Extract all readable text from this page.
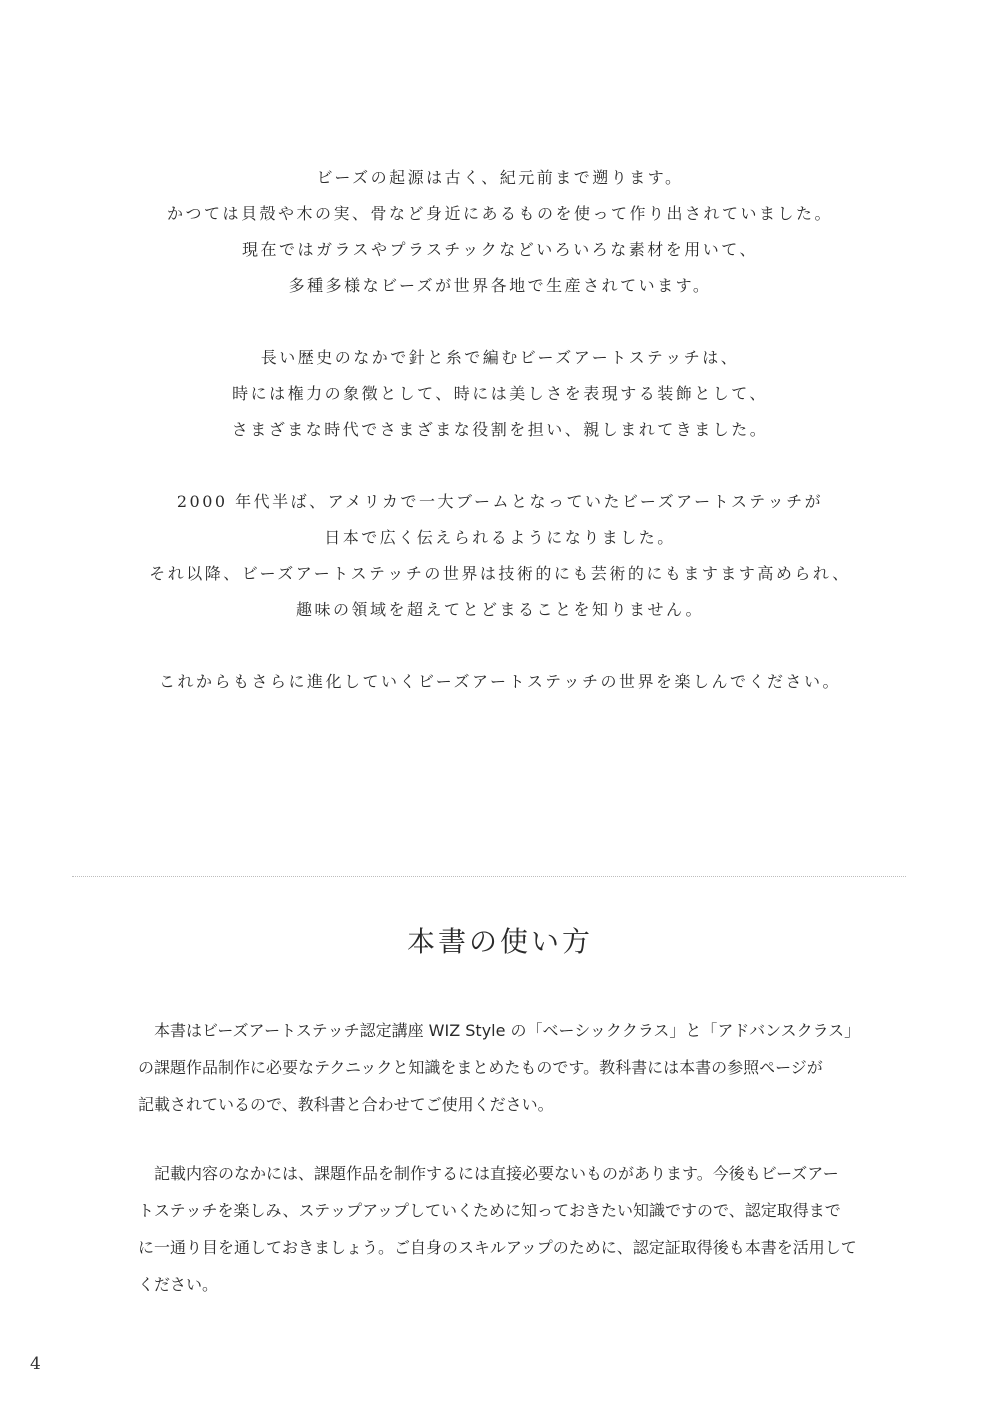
ビーズの起源は古く、紀元前まで遡ります。
かつては貝殻や木の実、骨など身近にあるものを使って作り出されていました。
現在ではガラスやプラスチックなどいろいろな素材を用いて、
多種多様なビーズが世界各地で生産されています。
長い歴史のなかで針と糸で編むビーズアートステッチは、
時には権力の象徴として、時には美しさを表現する装飾として、
さまざまな時代でさまざまな役割を担い、親しまれてきました。
2000 年代半ば、アメリカで一大ブームとなっていたビーズアートステッチが
日本で広く伝えられるようになりました。
それ以降、ビーズアートステッチの世界は技術的にも芸術的にもますます高められ、
趣味の領域を超えてとどまることを知りません。
これからもさらに進化していくビーズアートステッチの世界を楽しんでください。
本書の使い方
　本書はビーズアートステッチ認定講座 WIZ Style の「ベーシッククラス」と「アドバンスクラス」
の課題作品制作に必要なテクニックと知識をまとめたものです。教科書には本書の参照ページが
記載されているので、教科書と合わせてご使用ください。
　記載内容のなかには、課題作品を制作するには直接必要ないものがあります。今後もビーズアー
トステッチを楽しみ、ステップアップしていくために知っておきたい知識ですので、認定取得まで
に一通り目を通しておきましょう。ご自身のスキルアップのために、認定証取得後も本書を活用して
ください。
4
